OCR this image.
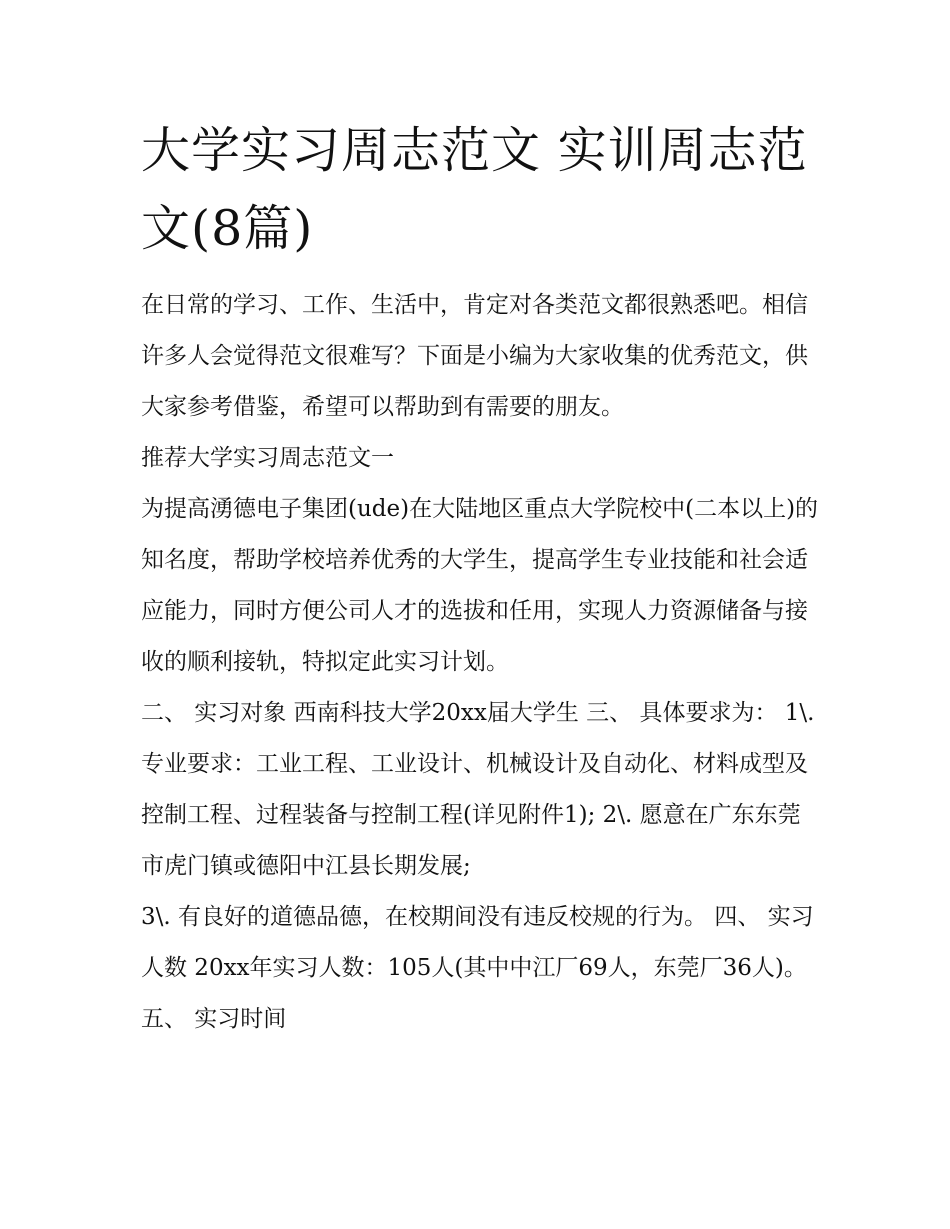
大学实习周志范文 实训周志范文(8篇)

在日常的学习、工作、生活中，肯定对各类范文都很熟悉吧。相信许多人会觉得范文很难写？下面是小编为大家收集的优秀范文，供大家参考借鉴，希望可以帮助到有需要的朋友。

推荐大学实习周志范文一

为提高湧德电子集团(ude)在大陆地区重点大学院校中(二本以上)的知名度，帮助学校培养优秀的大学生，提高学生专业技能和社会适应能力，同时方便公司人才的选拔和任用，实现人力资源储备与接收的顺利接轨，特拟定此实习计划。

二、 实习对象 西南科技大学20xx届大学生 三、 具体要求为： 1\.

专业要求：工业工程、工业设计、机械设计及自动化、材料成型及控制工程、过程装备与控制工程(详见附件1); 2\. 愿意在广东东莞市虎门镇或德阳中江县长期发展;

3\. 有良好的道德品德，在校期间没有违反校规的行为。 四、 实习人数 20xx年实习人数：105人(其中中江厂69人，东莞厂36人)。 五、 实习时间
